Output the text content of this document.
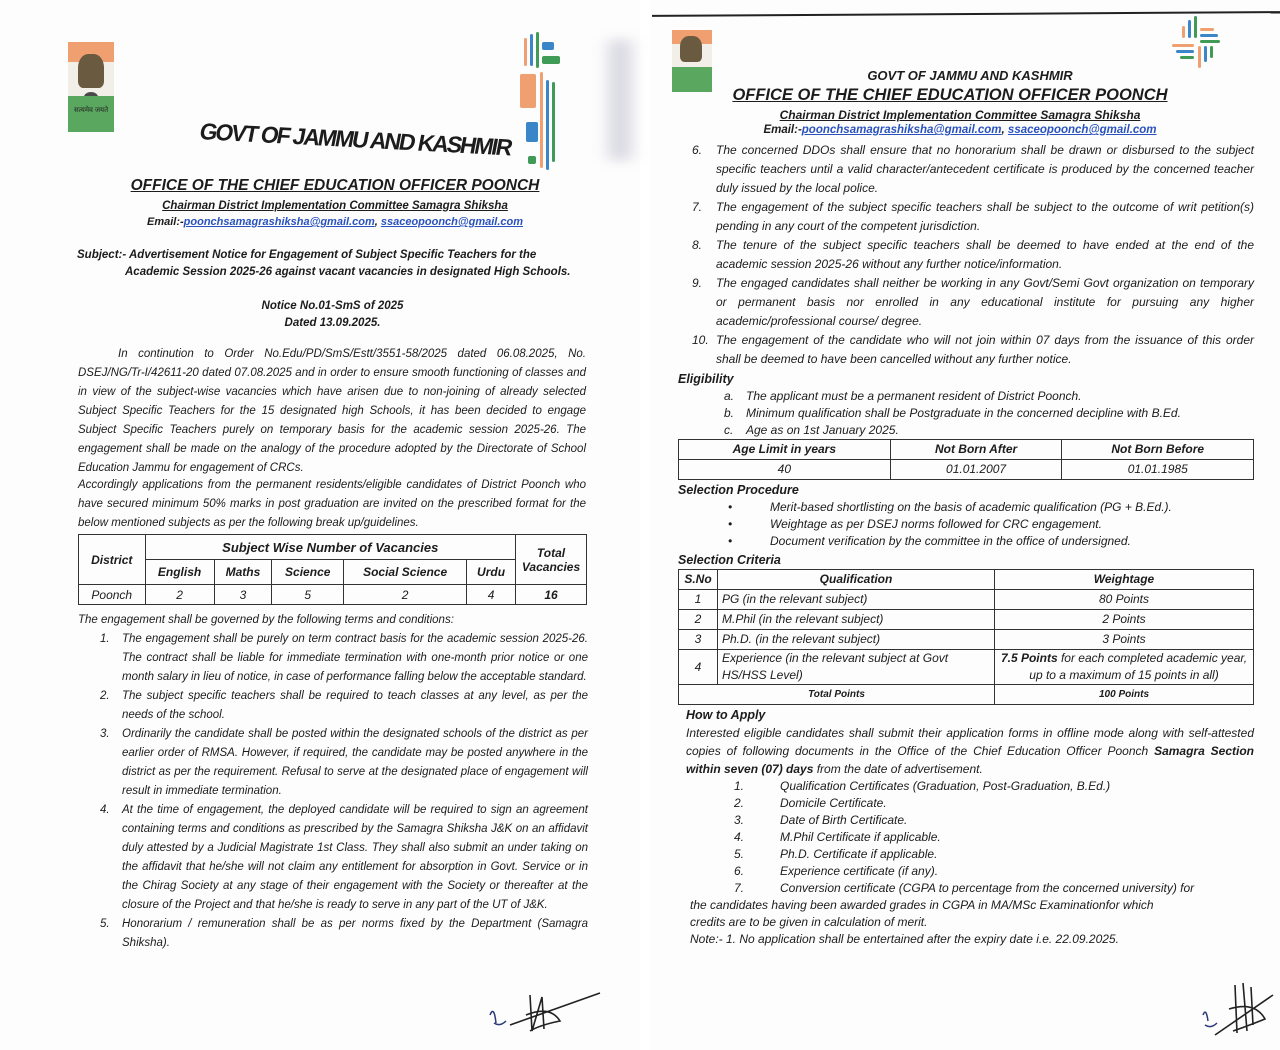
सत्यमेव जयते
GOVT OF JAMMU AND KASHMIR
OFFICE OF THE CHIEF EDUCATION OFFICER POONCH
Chairman District Implementation Committee Samagra Shiksha
Email:-poonchsamagrashiksha@gmail.com, ssaceopoonch@gmail.com
Subject:- Advertisement Notice for Engagement of Subject Specific Teachers for the
Academic Session 2025-26 against vacant vacancies in designated High Schools.
Notice No.01-SmS of 2025
Dated 13.09.2025.
In continution to Order No.Edu/PD/SmS/Estt/3551-58/2025 dated 06.08.2025, No. DSEJ/NG/Tr-I/42611-20 dated 07.08.2025 and in order to ensure smooth functioning of classes and in view of the subject-wise vacancies which have arisen due to non-joining of already selected Subject Specific Teachers for the 15 designated high Schools, it has been decided to engage Subject Specific Teachers purely on temporary basis for the academic session 2025-26. The engagement shall be made on the analogy of the procedure adopted by the Directorate of School Education Jammu for engagement of CRCs.
Accordingly applications from the permanent residents/eligible candidates of District Poonch who have secured minimum 50% marks in post graduation are invited on the prescribed format for the below mentioned subjects as per the following break up/guidelines.
District	Subject Wise Number of Vacancies					Total Vacancies
	English	Maths	Science	Social Science	Urdu	
Poonch	2	3	5	2	4	16
The engagement shall be governed by the following terms and conditions:
1. The engagement shall be purely on term contract basis for the academic session 2025-26. The contract shall be liable for immediate termination with one-month prior notice or one month salary in lieu of notice, in case of performance falling below the acceptable standard.
2. The subject specific teachers shall be required to teach classes at any level, as per the needs of the school.
3. Ordinarily the candidate shall be posted within the designated schools of the district as per earlier order of RMSA. However, if required, the candidate may be posted anywhere in the district as per the requirement. Refusal to serve at the designated place of engagement will result in immediate termination.
4. At the time of engagement, the deployed candidate will be required to sign an agreement containing terms and conditions as prescribed by the Samagra Shiksha J&K on an affidavit duly attested by a Judicial Magistrate 1st Class. They shall also submit an under taking on the affidavit that he/she will not claim any entitlement for absorption in Govt. Service or in the Chirag Society at any stage of their engagement with the Society or thereafter at the closure of the Project and that he/she is ready to serve in any part of the UT of J&K.
5. Honorarium / remuneration shall be as per norms fixed by the Department (Samagra Shiksha).
GOVT OF JAMMU AND KASHMIR
OFFICE OF THE CHIEF EDUCATION OFFICER POONCH
Chairman District Implementation Committee Samagra Shiksha
Email:-poonchsamagrashiksha@gmail.com, ssaceopoonch@gmail.com
6. The concerned DDOs shall ensure that no honorarium shall be drawn or disbursed to the subject specific teachers until a valid character/antecedent certificate is produced by the concerned teacher duly issued by the local police.
7. The engagement of the subject specific teachers shall be subject to the outcome of writ petition(s) pending in any court of the competent jurisdiction.
8. The tenure of the subject specific teachers shall be deemed to have ended at the end of the academic session 2025-26 without any further notice/information.
9. The engaged candidates shall neither be working in any Govt/Semi Govt organization on temporary or permanent basis nor enrolled in any educational institute for pursuing any higher academic/professional course/ degree.
10. The engagement of the candidate who will not join within 07 days from the issuance of this order shall be deemed to have been cancelled without any further notice.
Eligibility
a. The applicant must be a permanent resident of District Poonch.
b. Minimum qualification shall be Postgraduate in the concerned decipline with B.Ed.
c. Age as on 1st January 2025.
Age Limit in years	Not Born After	Not Born Before
40	01.01.2007	01.01.1985
Selection Procedure
•	Merit-based shortlisting on the basis of academic qualification (PG + B.Ed.).
•	Weightage as per DSEJ norms followed for CRC engagement.
•	Document verification by the committee in the office of undersigned.
Selection Criteria
S.No	Qualification	Weightage
1	PG (in the relevant subject)	80 Points
2	M.Phil (in the relevant subject)	2 Points
3	Ph.D. (in the relevant subject)	3 Points
4	Experience (in the relevant subject at Govt HS/HSS Level)	7.5 Points for each completed academic year, up to a maximum of 15 points in all)
Total Points		100 Points
How to Apply
Interested eligible candidates shall submit their application forms in offline mode along with self-attested copies of following documents in the Office of the Chief Education Officer Poonch Samagra Section within seven (07) days from the date of advertisement.
1.	Qualification Certificates (Graduation, Post-Graduation, B.Ed.)
2.	Domicile Certificate.
3.	Date of Birth Certificate.
4.	M.Phil Certificate if applicable.
5.	Ph.D. Certificate if applicable.
6.	Experience certificate (if any).
7.	Conversion certificate (CGPA to percentage from the concerned university) for
the candidates having been awarded grades in CGPA in MA/MSc Examinationfor which credits are to be given in calculation of merit.
Note:- 1. No application shall be entertained after the expiry date i.e. 22.09.2025.
